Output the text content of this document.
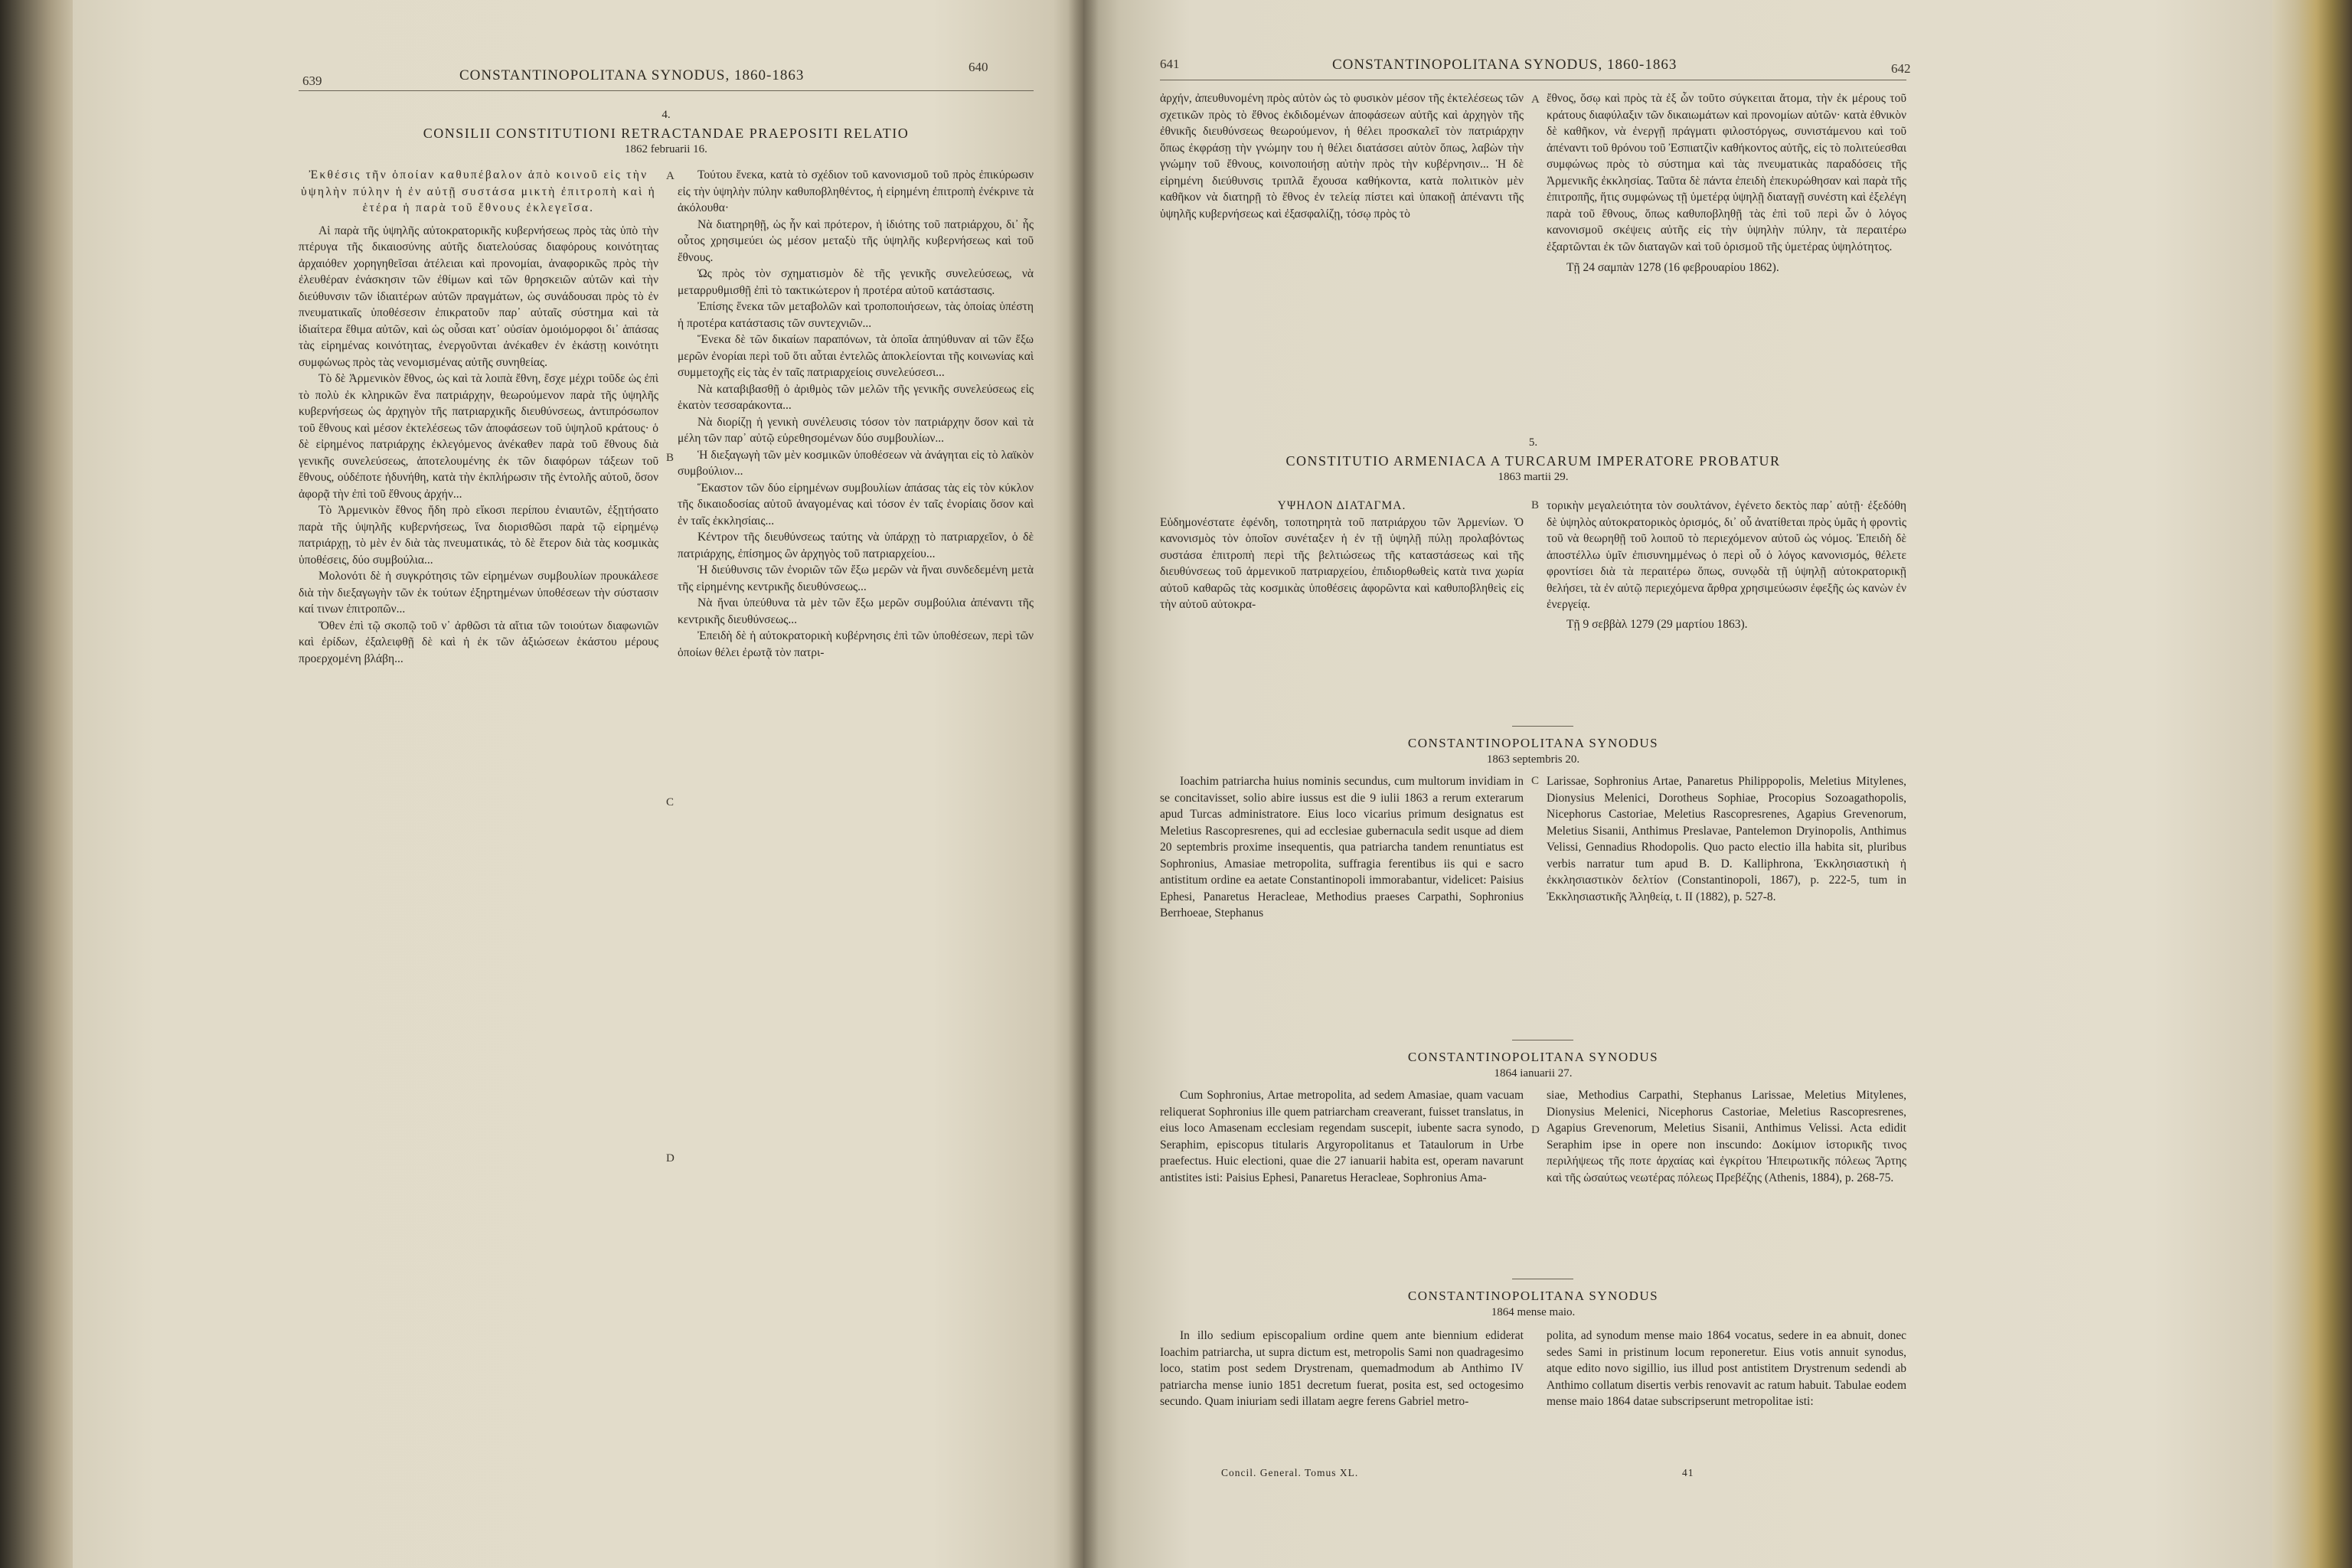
639	CONSTANTINOPOLITANA SYNODUS, 1860-1863
640
4.
CONSILII CONSTITUTIONI RETRACTANDAE PRAEPOSITI RELATIO
1862 februarii 16.

Ἐκθέσις τῆν ὁποίαν καθυπέβαλον ἀπὸ κοινοῦ εἰς τὴν ὑψηλὴν πύλην ἡ ἐν αὐτῇ συστάσα μικτὴ ἐπιτροπὴ καὶ ἡ ἑτέρα ἡ παρὰ τοῦ ἔθνους ἐκλεγεῖσα.

Αἱ παρὰ τῆς ὑψηλῆς αὐτοκρατορικῆς κυβερνήσεως πρὸς τὰς ὑπὸ τὴν πτέρυγα τῆς δικαιοσύνης αὐτῆς διατελούσας διαφόρους κοινότητας ἀρχαιόθεν χορηγηθεῖσαι ἀτέλειαι καὶ προνομίαι, ἀναφορικῶς πρὸς τὴν ἐλευθέραν ἐνάσκησιν τῶν ἐθίμων καὶ τῶν θρησκειῶν αὐτῶν καὶ τὴν διεύθυνσιν τῶν ἰδιαιτέρων αὐτῶν πραγμάτων, ὡς συνάδουσαι πρὸς τὸ ἐν πνευματικαῖς ὑποθέσεσιν ἐπικρατοῦν παρ᾽ αὐταῖς σύστημα καὶ τὰ ἰδιαίτερα ἔθιμα αὐτῶν, καὶ ὡς οὖσαι κατ᾽ οὐσίαν ὁμοιόμορφοι δι᾽ ἁπάσας τὰς εἰρημένας κοινότητας, ἐνεργοῦνται ἀνέκαθεν ἐν ἑκάστῃ κοινότητι συμφώνως πρὸς τὰς νενομισμένας αὐτῆς συνηθείας.

Τὸ δὲ Ἀρμενικὸν ἔθνος, ὡς καὶ τὰ λοιπὰ ἔθνη, ἔσχε μέχρι τοῦδε ὡς ἐπὶ τὸ πολὺ ἐκ κληρικῶν ἕνα πατριάρχην, θεωρούμενον παρὰ τῆς ὑψηλῆς κυβερνήσεως ὡς ἀρχηγὸν τῆς πατριαρχικῆς διευθύνσεως, ἀντιπρόσωπον τοῦ ἔθνους καὶ μέσον ἐκτελέσεως τῶν ἀποφάσεων τοῦ ὑψηλοῦ κράτους· ὁ δὲ εἰρημένος πατριάρχης ἐκλεγόμενος ἀνέκαθεν παρὰ τοῦ ἔθνους διὰ γενικῆς συνελεύσεως, ἀποτελουμένης ἐκ τῶν διαφόρων τάξεων τοῦ ἔθνους, οὐδέποτε ἠδυνήθη, κατὰ τὴν ἐκπλήρωσιν τῆς ἐντολῆς αὐτοῦ, ὅσον ἀφορᾷ τὴν ἐπὶ τοῦ ἔθνους ἀρχήν...

Τὸ Ἀρμενικὸν ἔθνος ἤδη πρὸ εἴκοσι περίπου ἐνιαυτῶν, ἐξῃτήσατο παρὰ τῆς ὑψηλῆς κυβερνήσεως, ἵνα διορισθῶσι παρὰ τῷ εἰρημένῳ πατριάρχῃ, τὸ μὲν ἐν διὰ τὰς πνευματικάς, τὸ δὲ ἕτερον διὰ τὰς κοσμικὰς ὑποθέσεις, δύο συμβούλια...

Μολονότι δὲ ἡ συγκρότησις τῶν εἰρημένων συμβουλίων προυκάλεσε διὰ τὴν διεξαγωγὴν τῶν ἐκ τούτων ἐξηρτημένων ὑποθέσεων τὴν σύστασιν καί τινων ἐπιτροπῶν...

Ὅθεν ἐπὶ τῷ σκοπῷ τοῦ ν᾽ ἀρθῶσι τὰ αἴτια τῶν τοιούτων διαφωνιῶν καὶ ἐρίδων, ἐξαλειφθῇ δὲ καὶ ἡ ἐκ τῶν ἀξιώσεων ἑκάστου μέρους προερχομένη βλάβη...

A
B
C
D

Τούτου ἕνεκα, κατὰ τὸ σχέδιον τοῦ κανονισμοῦ τοῦ πρὸς ἐπικύρωσιν εἰς τὴν ὑψηλὴν πύλην καθυποβληθέντος, ἡ εἰρημένη ἐπιτροπὴ ἐνέκρινε τὰ ἀκόλουθα·

Νὰ διατηρηθῇ, ὡς ἦν καὶ πρότερον, ἡ ἰδιότης τοῦ πατριάρχου, δι᾽ ἧς οὗτος χρησιμεύει ὡς μέσον μεταξὺ τῆς ὑψηλῆς κυβερνήσεως καὶ τοῦ ἔθνους.

Ὡς πρὸς τὸν σχηματισμὸν δὲ τῆς γενικῆς συνελεύσεως, νὰ μεταρρυθμισθῇ ἐπὶ τὸ τακτικώτερον ἡ προτέρα αὐτοῦ κατάστασις.

Ἐπίσης ἕνεκα τῶν μεταβολῶν καὶ τροποποιήσεων, τὰς ὁποίας ὑπέστη ἡ προτέρα κατάστασις τῶν συντεχνιῶν...

Ἕνεκα δὲ τῶν δικαίων παραπόνων, τὰ ὁποῖα ἀπηύθυναν αἱ τῶν ἔξω μερῶν ἐνορίαι περὶ τοῦ ὅτι αὗται ἐντελῶς ἀποκλείονται τῆς κοινωνίας καὶ συμμετοχῆς εἰς τὰς ἐν ταῖς πατριαρχείοις συνελεύσεσι...

Νὰ καταβιβασθῇ ὁ ἀριθμὸς τῶν μελῶν τῆς γενικῆς συνελεύσεως εἰς ἑκατὸν τεσσαράκοντα...

Νὰ διορίζῃ ἡ γενικὴ συνέλευσις τόσον τὸν πατριάρχην ὅσον καὶ τὰ μέλη τῶν παρ᾽ αὐτῷ εὑρεθησομένων δύο συμβουλίων...

Ἡ διεξαγωγὴ τῶν μὲν κοσμικῶν ὑποθέσεων νὰ ἀνάγηται εἰς τὸ λαϊκὸν συμβούλιον...

Ἕκαστον τῶν δύο εἰρημένων συμβουλίων ἁπάσας τὰς εἰς τὸν κύκλον τῆς δικαιοδοσίας αὐτοῦ ἀναγομένας καὶ τόσον ἐν ταῖς ἐνορίαις ὅσον καὶ ἐν ταῖς ἐκκλησίαις...

Κέντρον τῆς διευθύνσεως ταύτης νὰ ὑπάρχῃ τὸ πατριαρχεῖον, ὁ δὲ πατριάρχης, ἐπίσημος ὢν ἀρχηγὸς τοῦ πατριαρχείου...

Ἡ διεύθυνσις τῶν ἐνοριῶν τῶν ἔξω μερῶν νὰ ἤναι συνδεδεμένη μετὰ τῆς εἰρημένης κεντρικῆς διευθύνσεως...

Νὰ ἤναι ὑπεύθυνα τὰ μὲν τῶν ἔξω μερῶν συμβούλια ἀπέναντι τῆς κεντρικῆς διευθύνσεως...

Ἐπειδὴ δὲ ἡ αὐτοκρατορικὴ κυβέρνησις ἐπὶ τῶν ὑποθέσεων, περὶ τῶν ὁποίων θέλει ἐρωτᾷ τὸν πατρι-

641	CONSTANTINOPOLITANA SYNODUS, 1860-1863	642

ἀρχήν, ἀπευθυνομένη πρὸς αὐτὸν ὡς τὸ φυσικὸν μέσον τῆς ἐκτελέσεως τῶν σχετικῶν πρὸς τὸ ἔθνος ἐκδιδομένων ἀποφάσεων αὐτῆς καὶ ἀρχηγὸν τῆς ἐθνικῆς διευθύνσεως θεωρούμενον, ἡ θέλει προσκαλεῖ τὸν πατριάρχην ὅπως ἐκφράσῃ τὴν γνώμην του ἡ θέλει διατάσσει αὐτὸν ὅπως, λαβὼν τὴν γνώμην τοῦ ἔθνους, κοινοποιήσῃ αὐτὴν πρὸς τὴν κυβέρνησιν... Ἡ δὲ εἰρημένη διεύθυνσις τριπλᾶ ἔχουσα καθήκοντα, κατὰ πολιτικὸν μὲν καθῆκον νὰ διατηρῇ τὸ ἔθνος ἐν τελείᾳ πίστει καὶ ὑπακοῇ ἀπέναντι τῆς ὑψηλῆς κυβερνήσεως καὶ ἐξασφαλίζῃ, τόσῳ πρὸς τὸ

A ἔθνος, ὅσῳ καὶ πρὸς τὰ ἐξ ὧν τοῦτο σύγκειται ἄτομα, τὴν ἐκ μέρους τοῦ κράτους διαφύλαξιν τῶν δικαιωμάτων καὶ προνομίων αὐτῶν· κατὰ ἐθνικὸν δὲ καθῆκον, νὰ ἐνεργῇ πράγματι φιλοστόργως, συνιστάμενου καὶ τοῦ ἀπέναντι τοῦ θρόνου τοῦ Ἐσπιατζὶν καθήκοντος αὐτῆς, εἰς τὸ πολιτεύεσθαι συμφώνως πρὸς τὸ σύστημα καὶ τὰς πνευματικὰς παραδόσεις τῆς Ἀρμενικῆς ἐκκλησίας. Ταῦτα δὲ πάντα ἐπειδὴ ἐπεκυρώθησαν καὶ παρὰ τῆς ἐπιτροπῆς, ἥτις συμφώνως τῇ ὑμετέρᾳ ὑψηλῇ διαταγῇ συνέστη καὶ ἐξελέγη παρὰ τοῦ ἔθνους, ὅπως καθυποβληθῇ τὰς ἐπὶ τοῦ περὶ ὧν ὁ λόγος κανονισμοῦ σκέψεις αὐτῆς εἰς τὴν ὑψηλὴν πύλην, τὰ περαιτέρω ἐξαρτῶνται ἐκ τῶν διαταγῶν καὶ τοῦ ὁρισμοῦ τῆς ὑμετέρας ὑψηλότητος.

Τῇ 24 σαμπὰν 1278 (16 φεβρουαρίου 1862).

5.
CONSTITUTIO ARMENIACA A TURCARUM IMPERATORE PROBATUR
1863 martii 29.

ΥΨΗΛΟΝ ΔΙΑΤΑΓΜΑ.

Εὐδημονέστατε ἐφένδη, τοποτηρητὰ τοῦ πατριάρχου τῶν Ἀρμενίων. Ὁ κανονισμὸς τὸν ὁποῖον συνέταξεν ἡ ἐν τῇ ὑψηλῇ πύλῃ προλαβόντως συστάσα ἐπιτροπὴ περὶ τῆς βελτιώσεως τῆς καταστάσεως καὶ τῆς διευθύνσεως τοῦ ἀρμενικοῦ πατριαρχείου, ἐπιδιορθωθεὶς κατὰ τινα χωρία αὐτοῦ καθαρῶς τὰς κοσμικὰς ὑποθέσεις ἀφορῶντα καὶ καθυποβληθεὶς εἰς τὴν αὐτοῦ αὐτοκρα-

B τορικὴν μεγαλειότητα τὸν σουλτάνον, ἐγένετο δεκτὸς παρ᾽ αὐτῇ· ἐξεδόθη δὲ ὑψηλὸς αὐτοκρατορικὸς ὁρισμός, δι᾽ οὗ ἀνατίθεται πρὸς ὑμᾶς ἡ φροντὶς τοῦ νὰ θεωρηθῇ τοῦ λοιποῦ τὸ περιεχόμενον αὐτοῦ ὡς νόμος. Ἐπειδὴ δὲ ἀποστέλλω ὑμῖν ἐπισυνημμένως ὁ περὶ οὗ ὁ λόγος κανονισμός, θέλετε φροντίσει διὰ τὰ περαιτέρω ὅπως, συνῳδὰ τῇ ὑψηλῇ αὐτοκρατορικῇ θελήσει, τὰ ἐν αὐτῷ περιεχόμενα ἄρθρα χρησιμεύωσιν ἐφεξῆς ὡς κανὼν ἐν ἐνεργείᾳ.

Τῇ 9 σεββὰλ 1279 (29 μαρτίου 1863).

CONSTANTINOPOLITANA SYNODUS
1863 septembris 20.

Ioachim patriarcha huius nominis secundus, cum multorum invidiam in se concitavisset, solio abire iussus est die 9 iulii 1863 a rerum exterarum apud Turcas administratore. Eius loco vicarius primum designatus est Meletius Rascopresrenes, qui ad ecclesiae gubernacula sedit usque ad diem 20 septembris proxime insequentis, qua patriarcha tandem renuntiatus est Sophronius, Amasiae metropolita, suffragia ferentibus iis qui e sacro antistitum ordine ea aetate Constantinopoli immorabantur, videlicet: Paisius Ephesi, Panaretus Heracleae, Methodius praeses Carpathi, Sophronius Berrhoeae, Stephanus

C Larissae, Sophronius Artae, Panaretus Philippopolis, Meletius Mitylenes, Dionysius Melenici, Dorotheus Sophiae, Procopius Sozoagathopolis, Nicephorus Castoriae, Meletius Rascopresrenes, Agapius Grevenorum, Meletius Sisanii, Anthimus Preslavae, Pantelemon Dryinopolis, Anthimus Velissi, Gennadius Rhodopolis. Quo pacto electio illa habita sit, pluribus verbis narratur tum apud B. D. Kalliphrona, Ἐκκλησιαστικὴ ἡ ἐκκλησιαστικὸν δελτίον (Constantinopoli, 1867), p. 222-5, tum in Ἐκκλησιαστικῆς Ἀληθείᾳ, t. II (1882), p. 527-8.

CONSTANTINOPOLITANA SYNODUS
1864 ianuarii 27.

Cum Sophronius, Artae metropolita, ad sedem Amasiae, quam vacuam reliquerat Sophronius ille quem patriarcham creaverant, fuisset translatus, in eius loco Amasenam ecclesiam regendam suscepit, iubente sacra synodo, Seraphim, episcopus titularis Argyropolitanus et Tataulorum in Urbe praefectus. Huic electioni, quae die 27 ianuarii habita est, operam navarunt antistites isti: Paisius Ephesi, Panaretus Heracleae, Sophronius Ama-

D

siae, Methodius Carpathi, Stephanus Larissae, Meletius Mitylenes, Dionysius Melenici, Nicephorus Castoriae, Meletius Rascopresrenes, Agapius Grevenorum, Meletius Sisanii, Anthimus Velissi. Acta edidit Seraphim ipse in opere non inscundo: Δοκίμιον ἱστορικῆς τινος περιλήψεως τῆς ποτε ἀρχαίας καὶ ἐγκρίτου Ἠπειρωτικῆς πόλεως Ἄρτης καὶ τῆς ὡσαύτως νεωτέρας πόλεως Πρεβέζης (Athenis, 1884), p. 268-75.

CONSTANTINOPOLITANA SYNODUS
1864 mense maio.

In illo sedium episcopalium ordine quem ante biennium ediderat Ioachim patriarcha, ut supra dictum est, metropolis Sami non quadragesimo loco, statim post sedem Drystrenam, quemadmodum ab Anthimo IV patriarcha mense iunio 1851 decretum fuerat, posita est, sed octogesimo secundo. Quam iniuriam sedi illatam aegre ferens Gabriel metro-

polita, ad synodum mense maio 1864 vocatus, sedere in ea abnuit, donec sedes Sami in pristinum locum reponeretur. Eius votis annuit synodus, atque edito novo sigillio, ius illud post antistitem Drystrenum sedendi ab Anthimo collatum disertis verbis renovavit ac ratum habuit. Tabulae eodem mense maio 1864 datae subscripserunt metropolitae isti:

Concil. General. Tomus XL.	41
